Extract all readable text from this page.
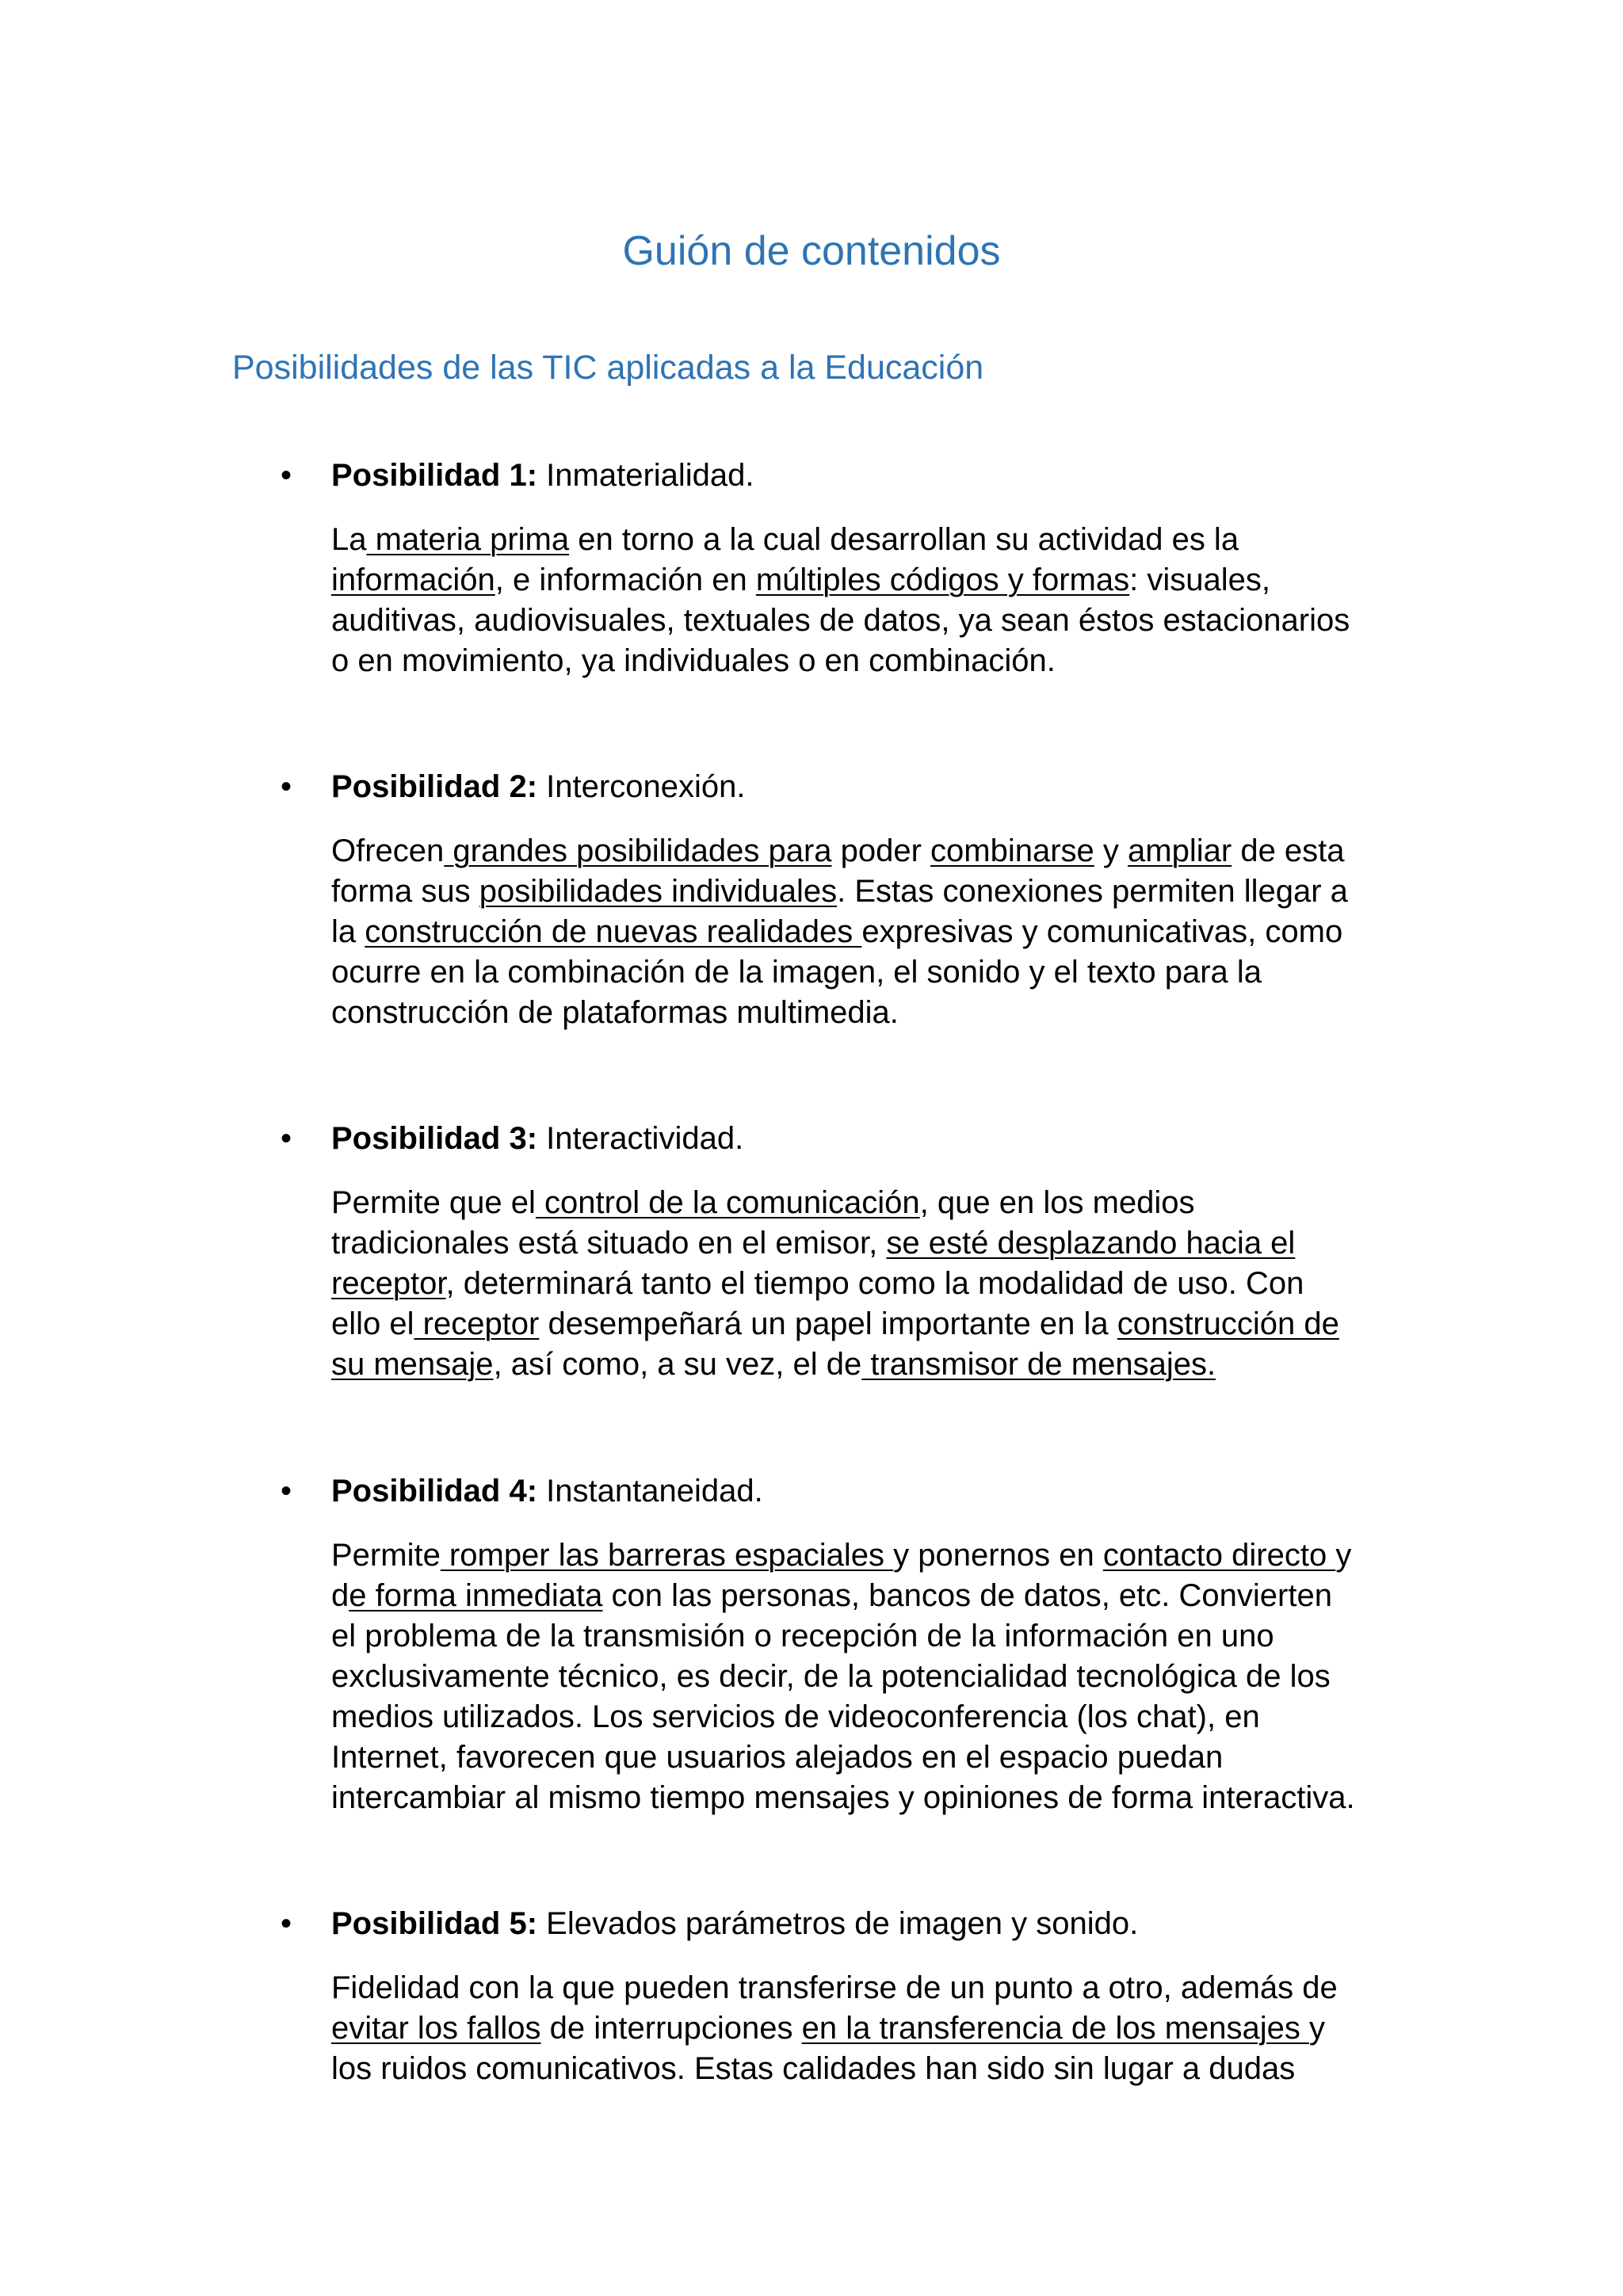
Guión de contenidos
Posibilidades de las TIC aplicadas a la Educación
• Posibilidad 1: Inmaterialidad.
La materia prima en torno a la cual desarrollan su actividad es la
información, e información en múltiples códigos y formas: visuales,
auditivas, audiovisuales, textuales de datos, ya sean éstos estacionarios
o en movimiento, ya individuales o en combinación.
• Posibilidad 2: Interconexión.
Ofrecen grandes posibilidades para poder combinarse y ampliar de esta
forma sus posibilidades individuales. Estas conexiones permiten llegar a
la construcción de nuevas realidades expresivas y comunicativas, como
ocurre en la combinación de la imagen, el sonido y el texto para la
construcción de plataformas multimedia.
• Posibilidad 3: Interactividad.
Permite que el control de la comunicación, que en los medios
tradicionales está situado en el emisor, se esté desplazando hacia el
receptor, determinará tanto el tiempo como la modalidad de uso. Con
ello el receptor desempeñará un papel importante en la construcción de
su mensaje, así como, a su vez, el de transmisor de mensajes.
• Posibilidad 4: Instantaneidad.
Permite romper las barreras espaciales y ponernos en contacto directo y
de forma inmediata con las personas, bancos de datos, etc. Convierten
el problema de la transmisión o recepción de la información en uno
exclusivamente técnico, es decir, de la potencialidad tecnológica de los
medios utilizados. Los servicios de videoconferencia (los chat), en
Internet, favorecen que usuarios alejados en el espacio puedan
intercambiar al mismo tiempo mensajes y opiniones de forma interactiva.
• Posibilidad 5: Elevados parámetros de imagen y sonido.
Fidelidad con la que pueden transferirse de un punto a otro, además de
evitar los fallos de interrupciones en la transferencia de los mensajes y
los ruidos comunicativos. Estas calidades han sido sin lugar a dudas
